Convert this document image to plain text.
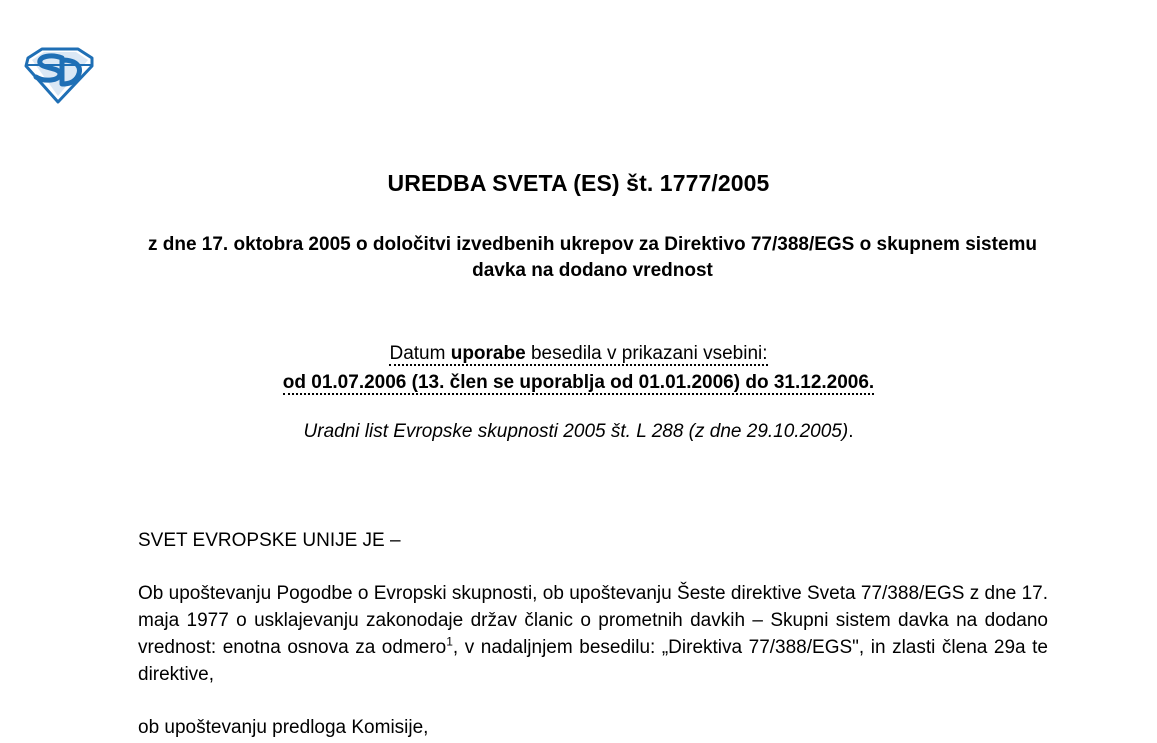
UREDBA SVETA (ES) št. 1777/2005
z dne 17. oktobra 2005 o določitvi izvedbenih ukrepov za Direktivo 77/388/EGS o skupnem sistemu davka na dodano vrednost
Datum uporabe besedila v prikazani vsebini:
od 01.07.2006 (13. člen se uporablja od 01.01.2006) do 31.12.2006.
Uradni list Evropske skupnosti 2005 št. L 288 (z dne 29.10.2005).
SVET EVROPSKE UNIJE JE –
Ob upoštevanju Pogodbe o Evropski skupnosti, ob upoštevanju Šeste direktive Sveta 77/388/EGS z dne 17. maja 1977 o usklajevanju zakonodaje držav članic o prometnih davkih – Skupni sistem davka na dodano vrednost: enotna osnova za odmero$^1$, v nadaljnjem besedilu: „Direktiva 77/388/EGS", in zlasti člena 29a te direktive,
ob upoštevanju predloga Komisije,
